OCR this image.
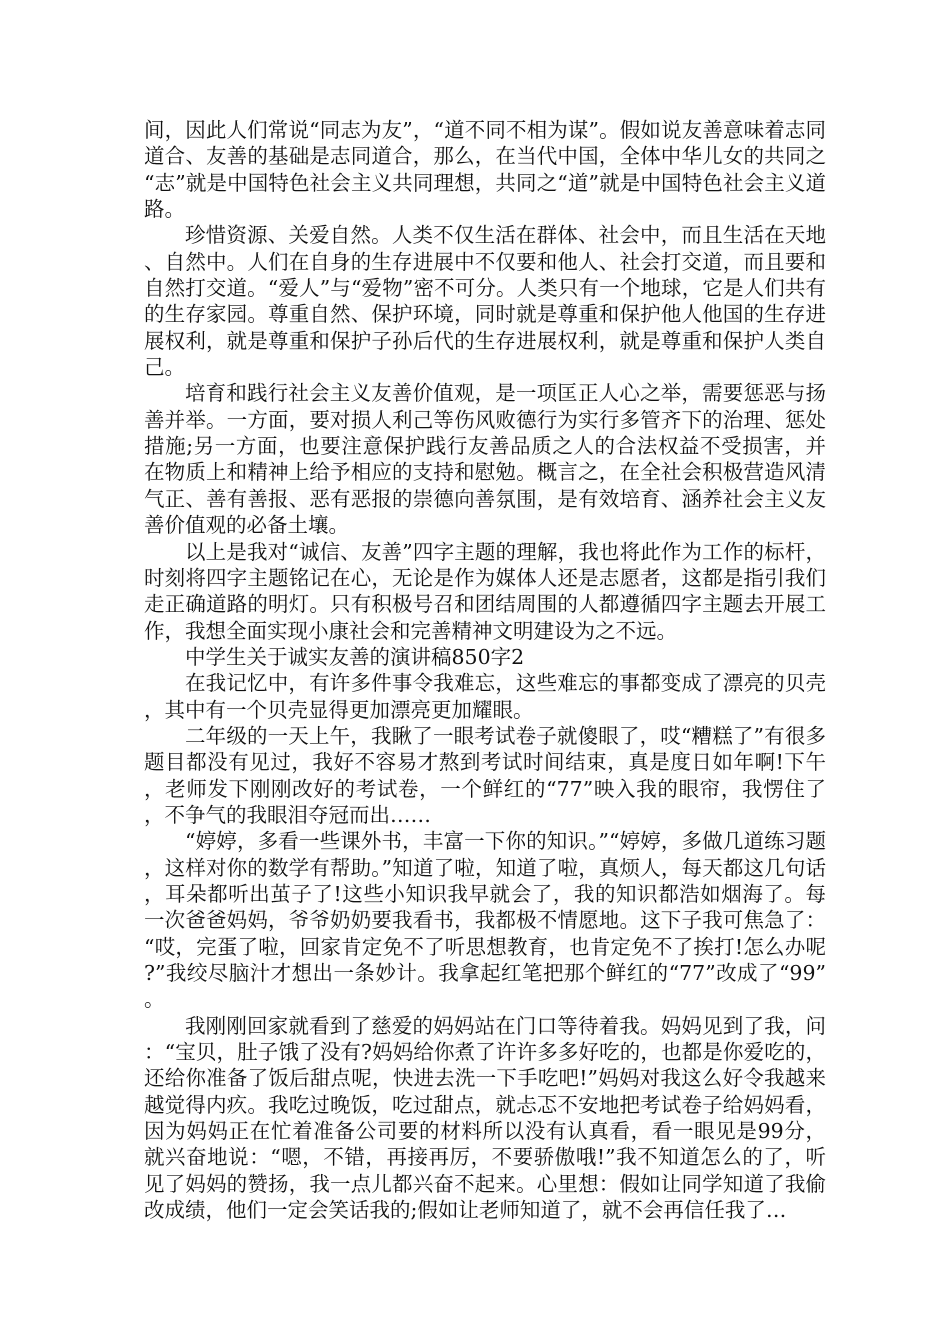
间，因此人们常说“同志为友”，“道不同不相为谋”。假如说友善意味着志同道合、友善的基础是志同道合，那么，在当代中国，全体中华儿女的共同之“志”就是中国特色社会主义共同理想，共同之“道”就是中国特色社会主义道路。

珍惜资源、关爱自然。人类不仅生活在群体、社会中，而且生活在天地、自然中。人们在自身的生存进展中不仅要和他人、社会打交道，而且要和自然打交道。“爱人”与“爱物”密不可分。人类只有一个地球，它是人们共有的生存家园。尊重自然、保护环境，同时就是尊重和保护他人他国的生存进展权利，就是尊重和保护子孙后代的生存进展权利，就是尊重和保护人类自己。

培育和践行社会主义友善价值观，是一项匡正人心之举，需要惩恶与扬善并举。一方面，要对损人利己等伤风败德行为实行多管齐下的治理、惩处措施;另一方面，也要注意保护践行友善品质之人的合法权益不受损害，并在物质上和精神上给予相应的支持和慰勉。概言之，在全社会积极营造风清气正、善有善报、恶有恶报的崇德向善氛围，是有效培育、涵养社会主义友善价值观的必备土壤。

以上是我对“诚信、友善”四字主题的理解，我也将此作为工作的标杆，时刻将四字主题铭记在心，无论是作为媒体人还是志愿者，这都是指引我们走正确道路的明灯。只有积极号召和团结周围的人都遵循四字主题去开展工作，我想全面实现小康社会和完善精神文明建设为之不远。

中学生关于诚实友善的演讲稿850字2

在我记忆中，有许多件事令我难忘，这些难忘的事都变成了漂亮的贝壳，其中有一个贝壳显得更加漂亮更加耀眼。

二年级的一天上午，我瞅了一眼考试卷子就傻眼了，哎“糟糕了”有很多题目都没有见过，我好不容易才熬到考试时间结束，真是度日如年啊!下午，老师发下刚刚改好的考试卷，一个鲜红的“77”映入我的眼帘，我愣住了，不争气的我眼泪夺冠而出……

“婷婷，多看一些课外书，丰富一下你的知识。”“婷婷，多做几道练习题，这样对你的数学有帮助。”知道了啦，知道了啦，真烦人，每天都这几句话，耳朵都听出茧子了!这些小知识我早就会了，我的知识都浩如烟海了。每一次爸爸妈妈，爷爷奶奶要我看书，我都极不情愿地。这下子我可焦急了：“哎，完蛋了啦，回家肯定免不了听思想教育，也肯定免不了挨打!怎么办呢?”我绞尽脑汁才想出一条妙计。我拿起红笔把那个鲜红的“77”改成了“99”。

我刚刚回家就看到了慈爱的妈妈站在门口等待着我。妈妈见到了我，问：“宝贝，肚子饿了没有?妈妈给你煮了许许多多好吃的，也都是你爱吃的，还给你准备了饭后甜点呢，快进去洗一下手吃吧!”妈妈对我这么好令我越来越觉得内疚。我吃过晚饭，吃过甜点，就忐忑不安地把考试卷子给妈妈看，因为妈妈正在忙着准备公司要的材料所以没有认真看，看一眼见是99分，就兴奋地说：“嗯，不错，再接再厉，不要骄傲哦!”我不知道怎么的了，听见了妈妈的赞扬，我一点儿都兴奋不起来。心里想：假如让同学知道了我偷改成绩，他们一定会笑话我的;假如让老师知道了，就不会再信任我了…
